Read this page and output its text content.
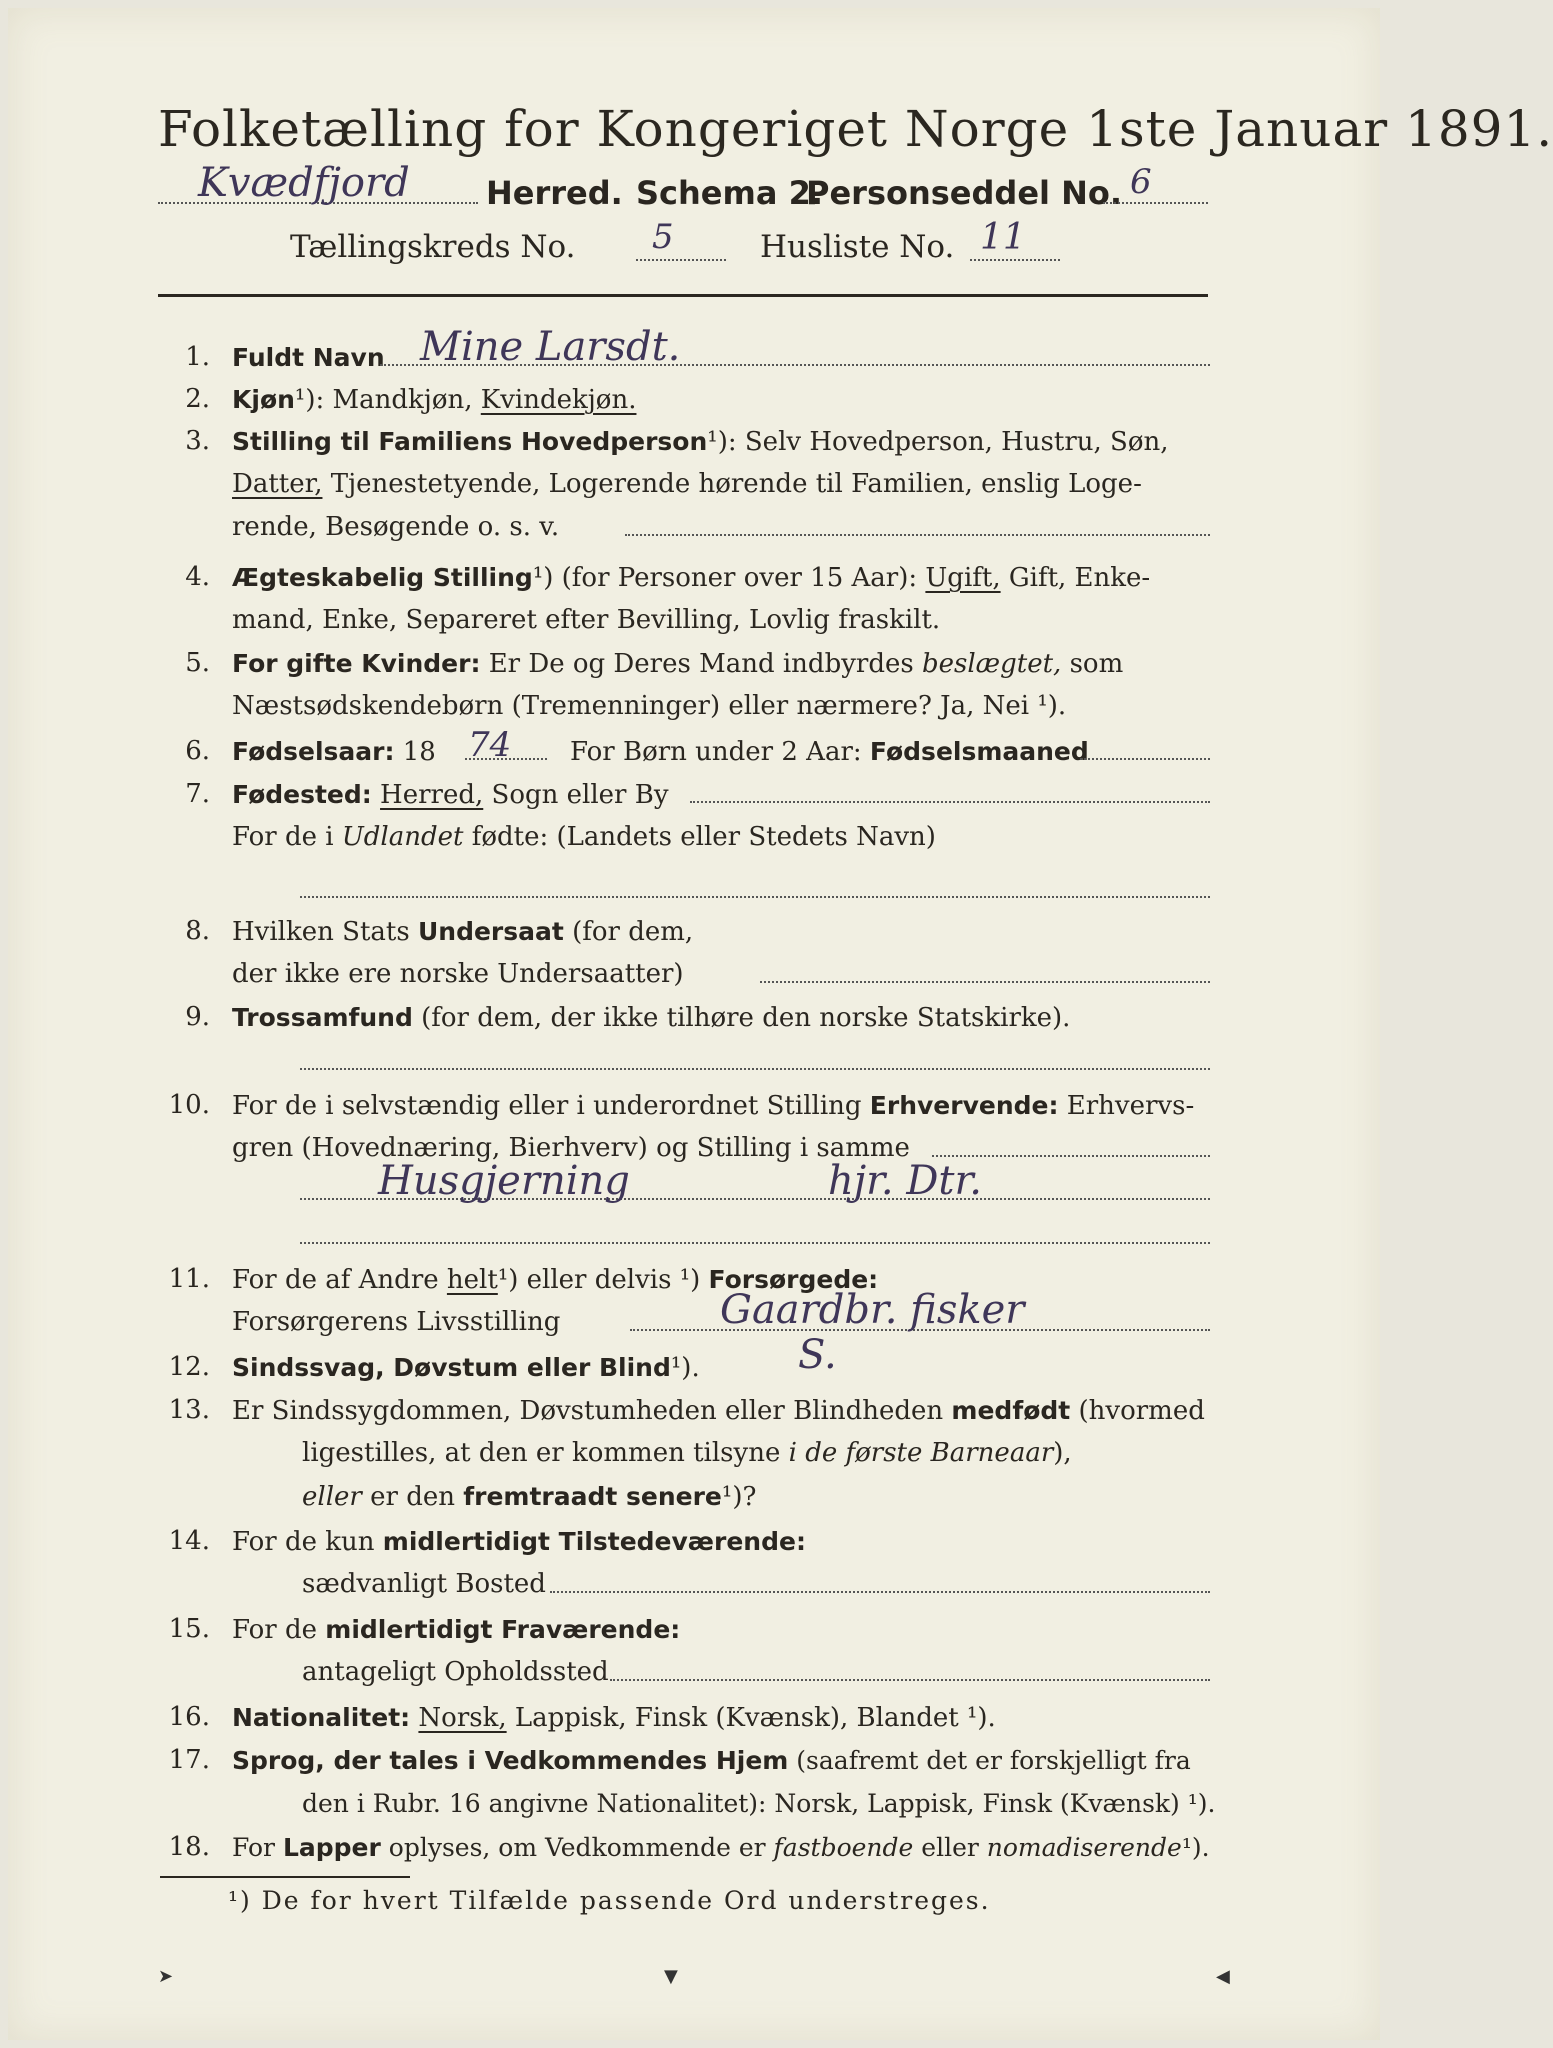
Folketælling for Kongeriget Norge 1ste Januar 1891.
Kvædfjord Herred. Schema 2.
Personseddel No. 6
Tællingskreds No. 5	Husliste No. 11
1. Fuldt Navn Mine Larsdt.
2. Kjøn¹): Mandkjøn, Kvindekjøn.
3. Stilling til Familiens Hovedperson¹): Selv Hovedperson, Hustru, Søn,
Datter, Tjenestetyende, Logerende hørende til Familien, enslig Loge-
rende, Besøgende o. s. v.
4. Ægteskabelig Stilling¹) (for Personer over 15 Aar): Ugift, Gift, Enke-
mand, Enke, Separeret efter Bevilling, Lovlig fraskilt.
5. For gifte Kvinder: Er De og Deres Mand indbyrdes beslægtet, som
Næstsødskendebørn (Tremenninger) eller nærmere? Ja, Nei ¹).
6. Fødselsaar: 18 74 For Børn under 2 Aar: Fødselsmaaned
7. Fødested: Herred, Sogn eller By
For de i Udlandet fødte: (Landets eller Stedets Navn)
8. Hvilken Stats Undersaat (for dem,
der ikke ere norske Undersaatter)
9. Trossamfund (for dem, der ikke tilhøre den norske Statskirke).
10. For de i selvstændig eller i underordnet Stilling Erhvervende: Erhvervs-
gren (Hovednæring, Bierhverv) og Stilling i samme
Husgjerning	hjr. Dtr.
11. For de af Andre helt¹) eller delvis ¹) Forsørgede:
Forsørgerens Livsstilling	Gaardbr. fisker
12. Sindssvag, Døvstum eller Blind¹). S.
13. Er Sindssygdommen, Døvstumheden eller Blindheden medfødt (hvormed
ligestilles, at den er kommen tilsyne i de første Barneaar),
eller er den fremtraadt senere¹)?
14. For de kun midlertidigt Tilstedeværende:
sædvanligt Bosted
15. For de midlertidigt Fraværende:
antageligt Opholdssted
16. Nationalitet: Norsk, Lappisk, Finsk (Kvænsk), Blandet ¹).
17. Sprog, der tales i Vedkommendes Hjem (saafremt det er forskjelligt fra
den i Rubr. 16 angivne Nationalitet): Norsk, Lappisk, Finsk (Kvænsk) ¹).
18. For Lapper oplyses, om Vedkommende er fastboende eller nomadiserende¹).
¹) De for hvert Tilfælde passende Ord understreges.
➤	▼	◀
